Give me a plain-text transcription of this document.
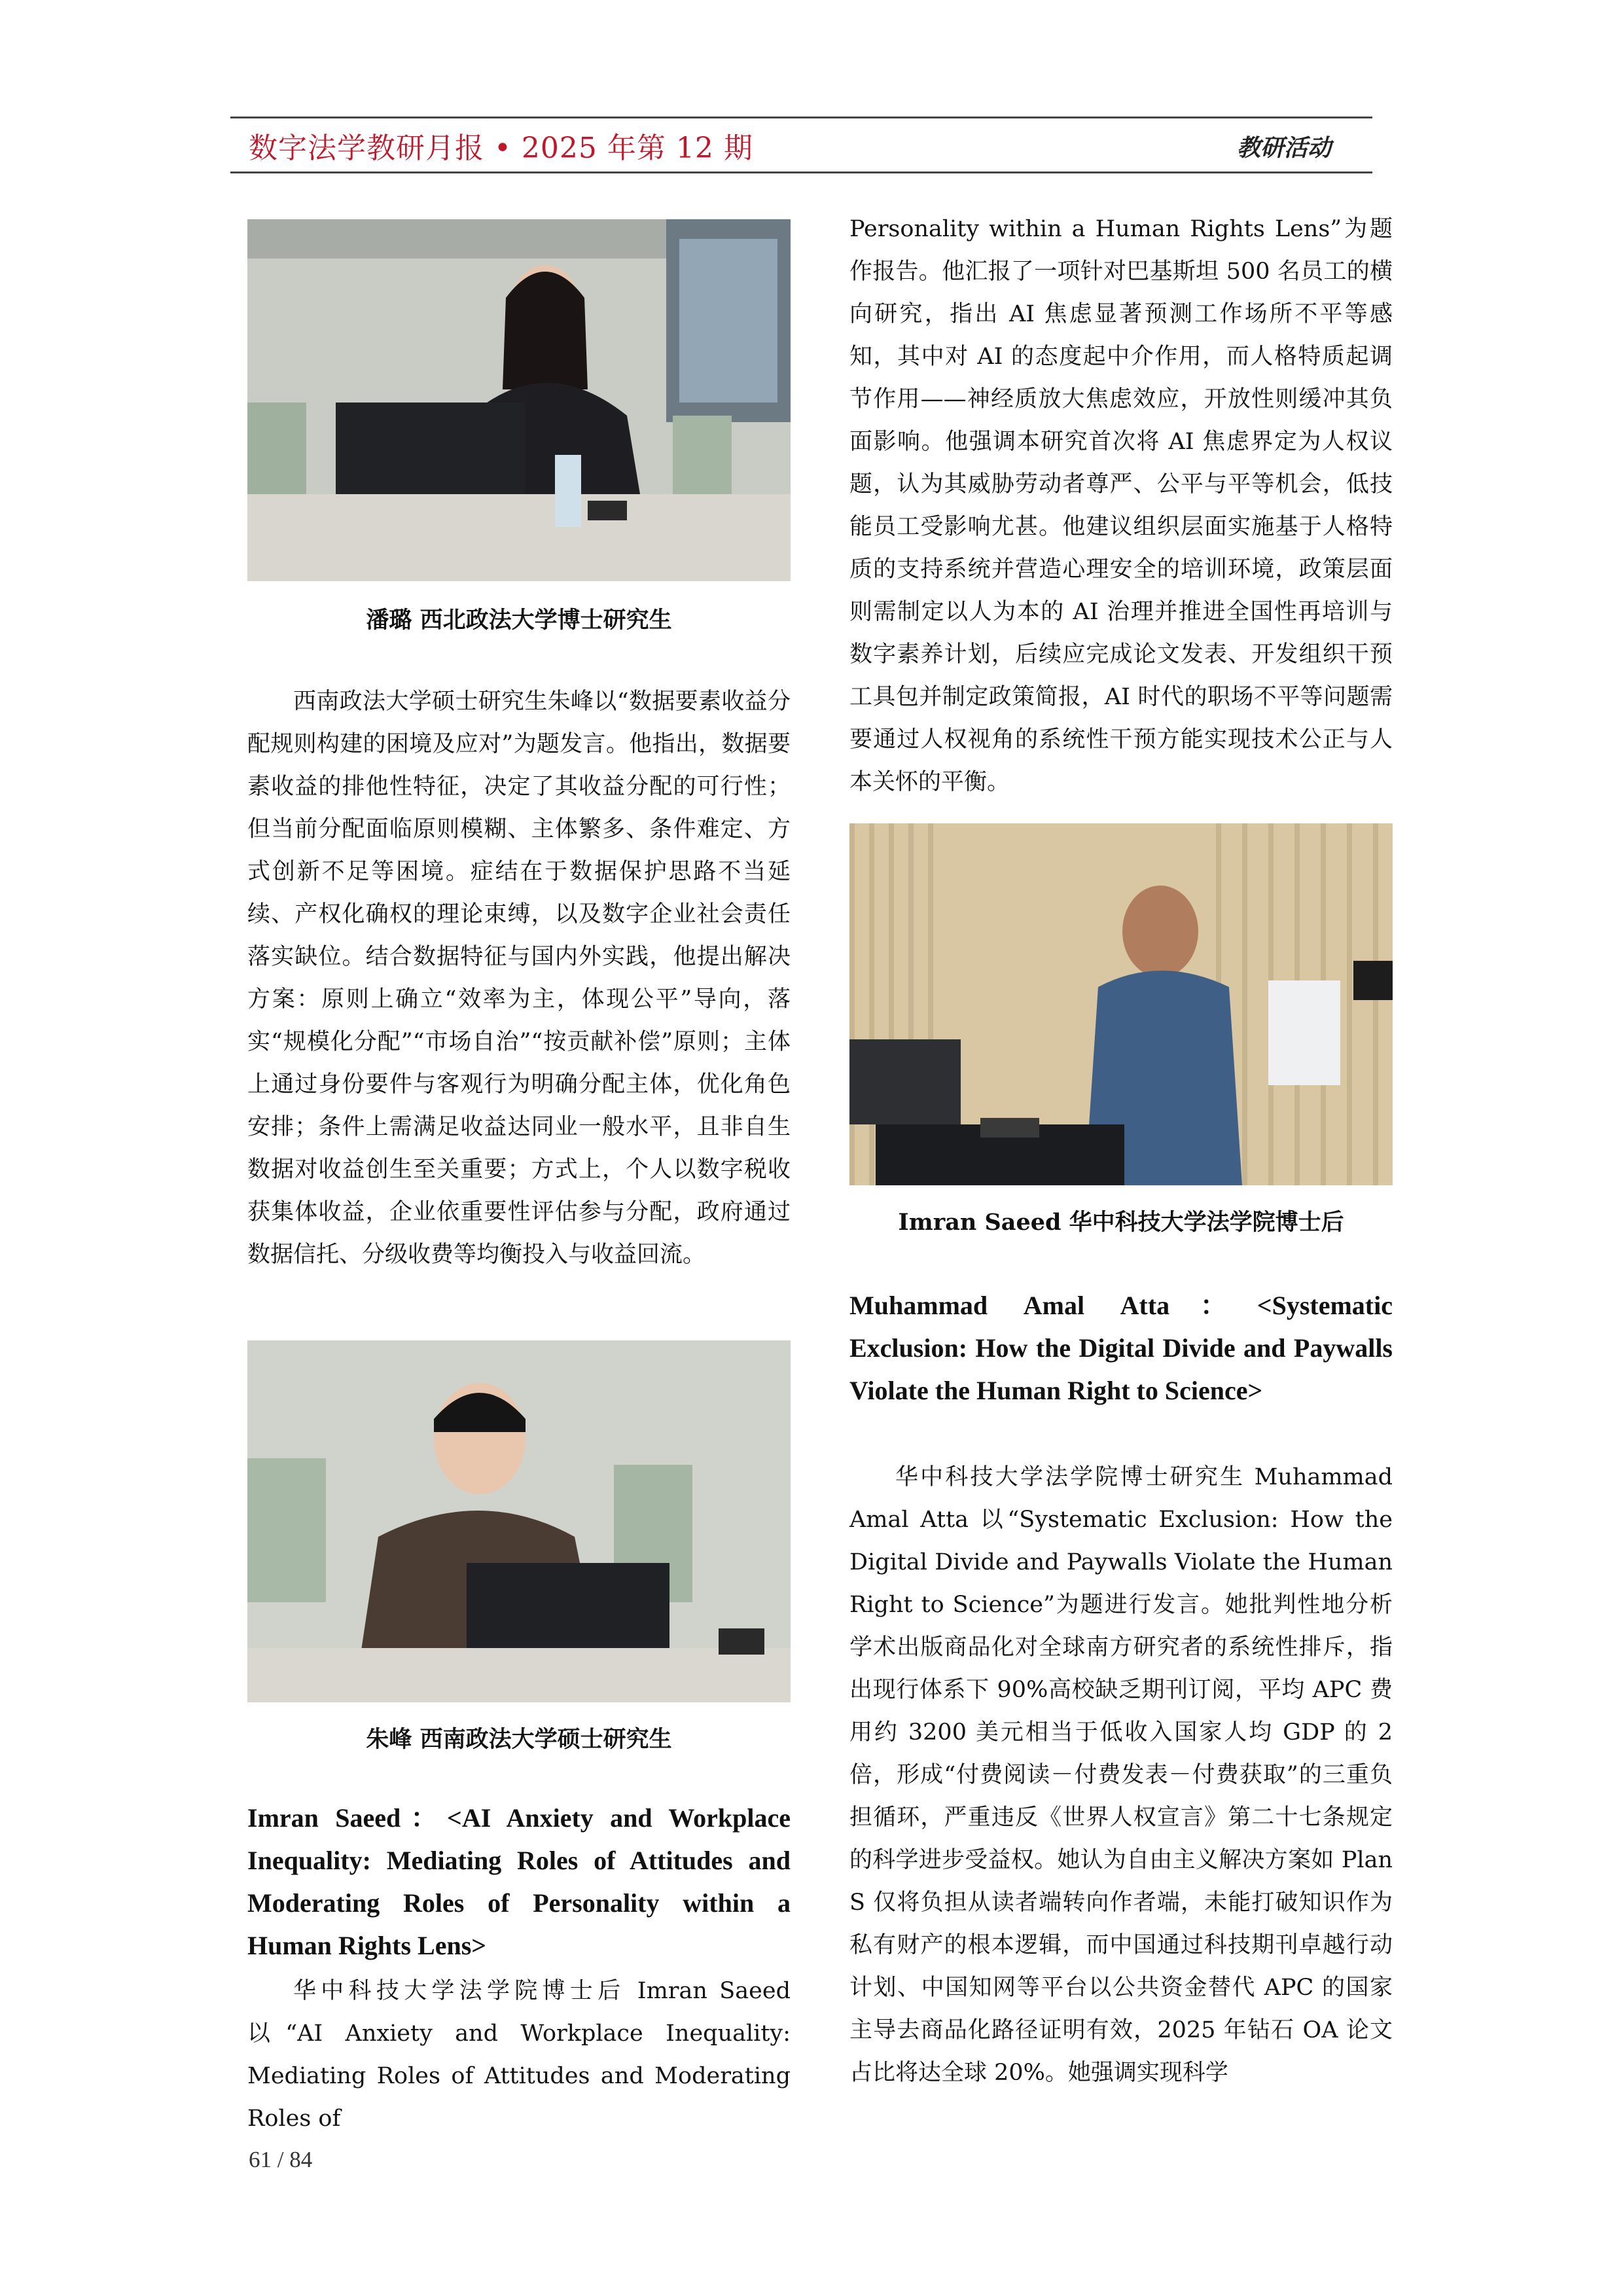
数字法学教研月报 • 2025 年第 12 期	教研活动
潘璐 西北政法大学博士研究生

西南政法大学硕士研究生朱峰以“数据要素收益分配规则构建的困境及应对”为题发言。他指出，数据要素收益的排他性特征，决定了其收益分配的可行性；但当前分配面临原则模糊、主体繁多、条件难定、方式创新不足等困境。症结在于数据保护思路不当延续、产权化确权的理论束缚，以及数字企业社会责任落实缺位。结合数据特征与国内外实践，他提出解决方案：原则上确立“效率为主，体现公平”导向，落实“规模化分配”“市场自治”“按贡献补偿”原则；主体上通过身份要件与客观行为明确分配主体，优化角色安排；条件上需满足收益达同业一般水平，且非自生数据对收益创生至关重要；方式上，个人以数字税收获集体收益，企业依重要性评估参与分配，政府通过数据信托、分级收费等均衡投入与收益回流。

朱峰 西南政法大学硕士研究生

Imran Saeed：<AI Anxiety and Workplace Inequality: Mediating Roles of Attitudes and Moderating Roles of Personality within a Human Rights Lens>

华中科技大学法学院博士后 Imran Saeed 以“AI Anxiety and Workplace Inequality: Mediating Roles of Attitudes and Moderating Roles of

Personality within a Human Rights Lens”为题作报告。他汇报了一项针对巴基斯坦 500 名员工的横向研究，指出 AI 焦虑显著预测工作场所不平等感知，其中对 AI 的态度起中介作用，而人格特质起调节作用——神经质放大焦虑效应，开放性则缓冲其负面影响。他强调本研究首次将 AI 焦虑界定为人权议题，认为其威胁劳动者尊严、公平与平等机会，低技能员工受影响尤甚。他建议组织层面实施基于人格特质的支持系统并营造心理安全的培训环境，政策层面则需制定以人为本的 AI 治理并推进全国性再培训与数字素养计划，后续应完成论文发表、开发组织干预工具包并制定政策简报，AI 时代的职场不平等问题需要通过人权视角的系统性干预方能实现技术公正与人本关怀的平衡。

Imran Saeed 华中科技大学法学院博士后

Muhammad Amal Atta：<Systematic Exclusion: How the Digital Divide and Paywalls Violate the Human Right to Science>

华中科技大学法学院博士研究生 Muhammad Amal Atta 以“Systematic Exclusion: How the Digital Divide and Paywalls Violate the Human Right to Science”为题进行发言。她批判性地分析学术出版商品化对全球南方研究者的系统性排斥，指出现行体系下 90%高校缺乏期刊订阅，平均 APC 费用约 3200 美元相当于低收入国家人均 GDP 的 2 倍，形成“付费阅读－付费发表－付费获取”的三重负担循环，严重违反《世界人权宣言》第二十七条规定的科学进步受益权。她认为自由主义解决方案如 Plan S 仅将负担从读者端转向作者端，未能打破知识作为私有财产的根本逻辑，而中国通过科技期刊卓越行动计划、中国知网等平台以公共资金替代 APC 的国家主导去商品化路径证明有效，2025 年钻石 OA 论文占比将达全球 20%。她强调实现科学

61 / 84
